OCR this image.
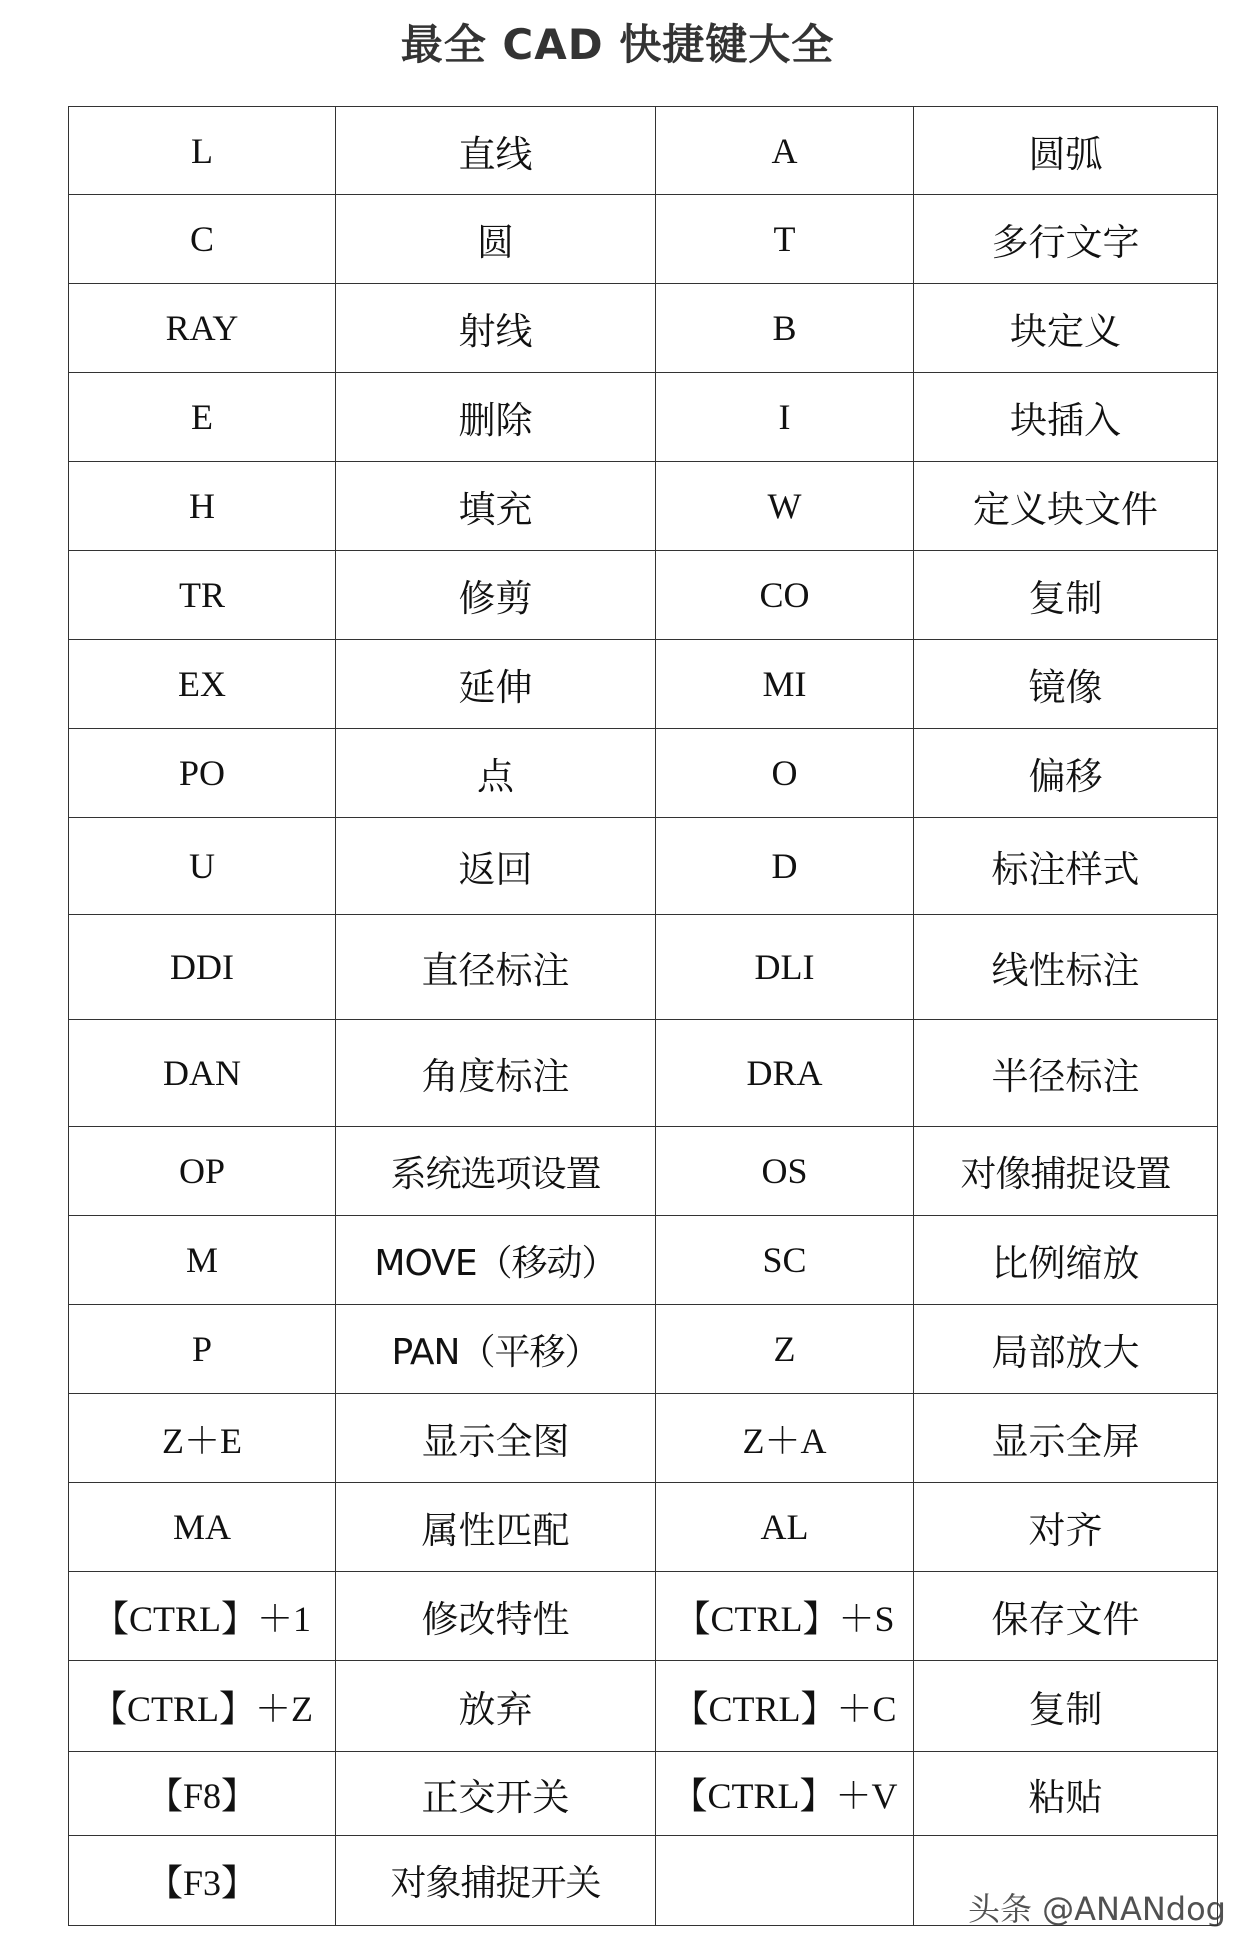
最全 CAD 快捷键大全
L	直线	A	圆弧
C	圆	T	多行文字
RAY	射线	B	块定义
E	删除	I	块插入
H	填充	W	定义块文件
TR	修剪	CO	复制
EX	延伸	MI	镜像
PO	点	O	偏移
U	返回	D	标注样式
DDI	直径标注	DLI	线性标注
DAN	角度标注	DRA	半径标注
OP	系统选项设置	OS	对像捕捉设置
M	MOVE（移动）	SC	比例缩放
P	PAN（平移）	Z	局部放大
Z＋E	显示全图	Z＋A	显示全屏
MA	属性匹配	AL	对齐
【CTRL】＋1	修改特性	【CTRL】＋S	保存文件
【CTRL】＋Z	放弃	【CTRL】＋C	复制
【F8】	正交开关	【CTRL】＋V	粘贴
【F3】	对象捕捉开关		
头条 @ANANdog
